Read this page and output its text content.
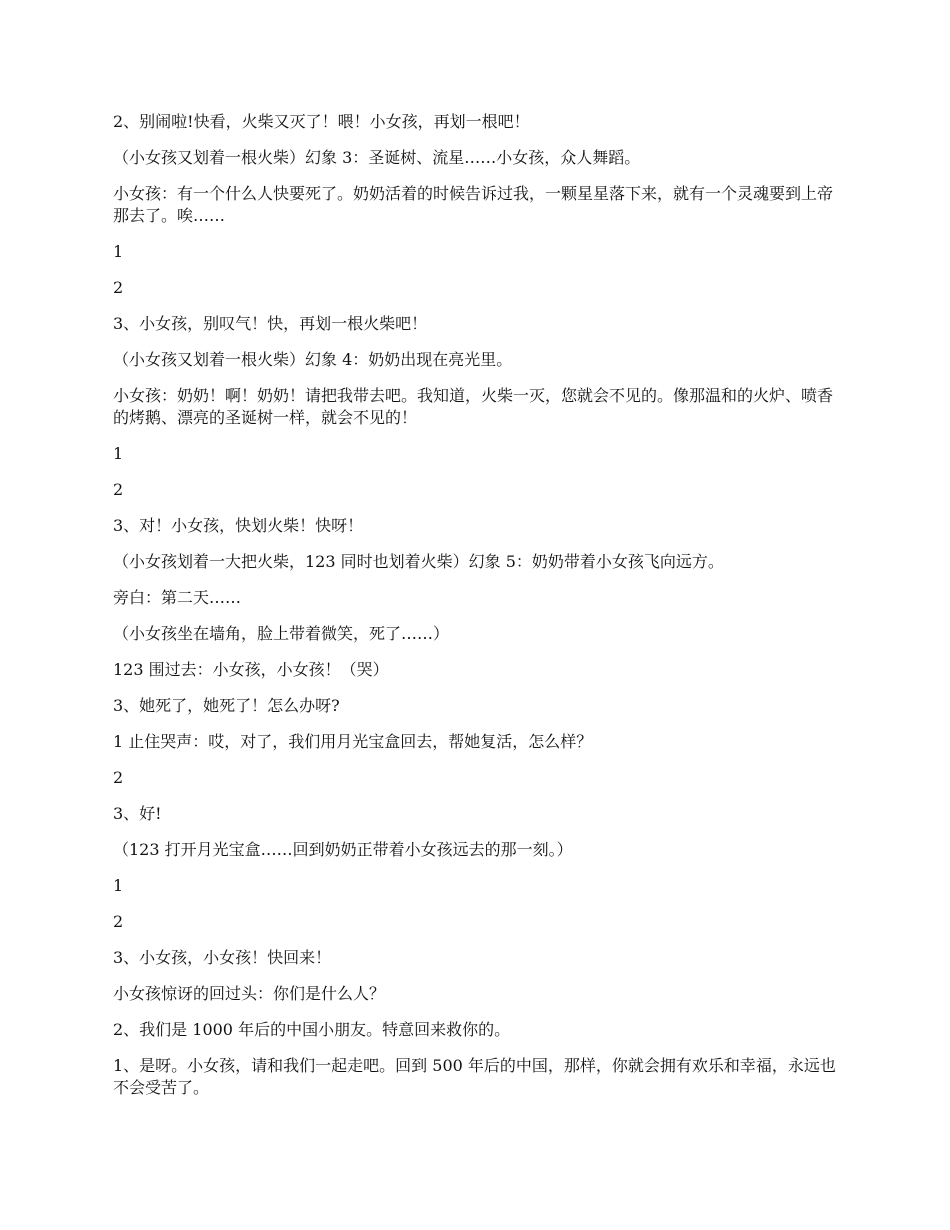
2、别闹啦!快看，火柴又灭了！喂！小女孩，再划一根吧！

（小女孩又划着一根火柴）幻象 3：圣诞树、流星……小女孩，众人舞蹈。

小女孩：有一个什么人快要死了。奶奶活着的时候告诉过我，一颗星星落下来，就有一个灵魂要到上帝那去了。唉……

1

2

3、小女孩，别叹气！快，再划一根火柴吧！

（小女孩又划着一根火柴）幻象 4：奶奶出现在亮光里。

小女孩：奶奶！啊！奶奶！请把我带去吧。我知道，火柴一灭，您就会不见的。像那温和的火炉、喷香的烤鹅、漂亮的圣诞树一样，就会不见的！

1

2

3、对！小女孩，快划火柴！快呀！

（小女孩划着一大把火柴，123 同时也划着火柴）幻象 5：奶奶带着小女孩飞向远方。

旁白：第二天……

（小女孩坐在墙角，脸上带着微笑，死了……）

123 围过去：小女孩，小女孩！（哭）

3、她死了，她死了！怎么办呀?

1 止住哭声：哎，对了，我们用月光宝盒回去，帮她复活，怎么样？

2

3、好!

（123 打开月光宝盒……回到奶奶正带着小女孩远去的那一刻。）

1

2

3、小女孩，小女孩！快回来！

小女孩惊讶的回过头：你们是什么人？

2、我们是 1000 年后的中国小朋友。特意回来救你的。

1、是呀。小女孩，请和我们一起走吧。回到 500 年后的中国，那样，你就会拥有欢乐和幸福，永远也不会受苦了。
